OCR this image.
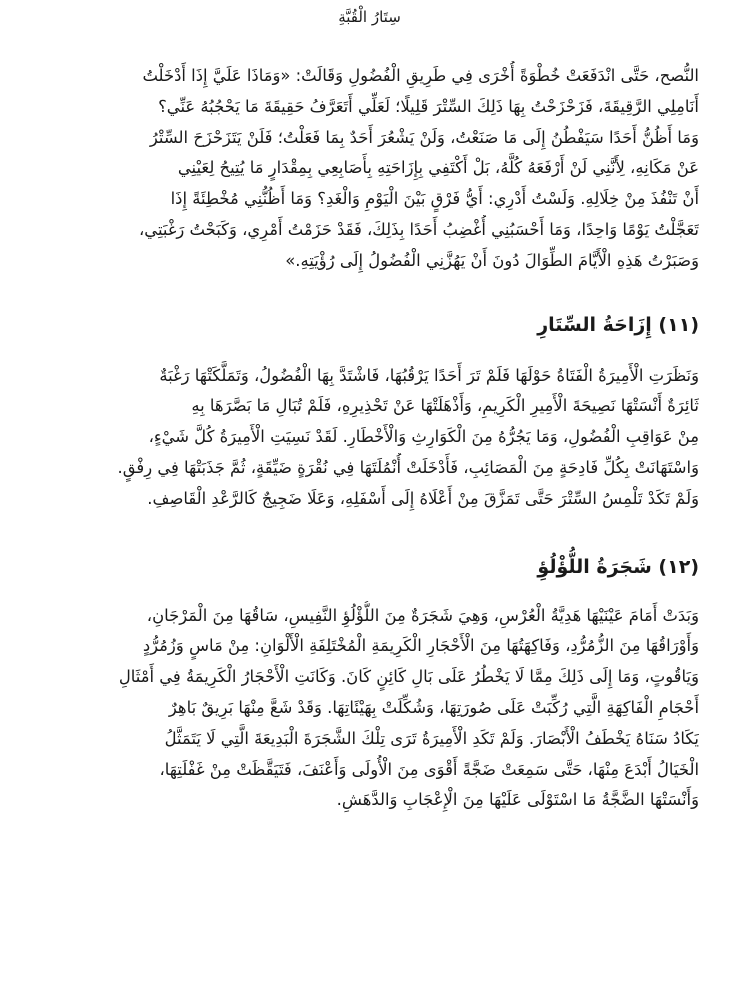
سِتَارُ الْقُبَّةِ

النُّصح، حَتَّى انْدَفَعَتْ خُطْوَةً أُخْرَى فِي طَرِيقِ الْفُضُولِ وَقَالَتْ: «وَمَاذَا عَلَيَّ إِذَا أَدْخَلْتُ
أَنَامِلِي الرَّقِيقَةَ، فَزَحْزَحْتُ بِهَا ذَلِكَ السِّتْرَ قَلِيلًا؛ لَعَلِّي أَتَعَرَّفُ حَقِيقَةَ مَا يَحْجُبُهُ عَنِّي؟
وَمَا أَظُنُّ أَحَدًا سَيَفْطُنُ إِلَى مَا صَنَعْتُ، وَلَنْ يَشْعُرَ أَحَدٌ بِمَا فَعَلْتُ؛ فَلَنْ يَتَزَحْزَحَ السِّتْرُ
عَنْ مَكَانِهِ، لِأَنَّنِي لَنْ أَرْفَعَهُ كُلَّهُ، بَلْ أَكْتَفِي بِإِزَاحَتِهِ بِأَصَابِعِي بِمِقْدَارٍ مَا يُتِيحُ لِعَيْنِي
أَنْ تَنْفُذَ مِنْ خِلَالِهِ. وَلَسْتُ أَدْرِي: أَيُّ فَرْقٍ بَيْنَ الْيَوْمِ وَالْغَدِ؟ وَمَا أَظُنُّنِي مُخْطِئَةً إِذَا
تَعَجَّلْتُ يَوْمًا وَاحِدًا، وَمَا أَحْسَبُنِي أُغْضِبُ أَحَدًا بِذَلِكَ، فَقَدْ حَزَمْتُ أَمْرِي، وَكَبَحْتُ رَغْبَتِي،
وَصَبَرْتُ هَذِهِ الْأَيَّامَ الطِّوَالَ دُونَ أَنْ يَهُزَّنِي الْفُضُولُ إِلَى رُؤْيَتِهِ.»

(١١) إِزَاحَةُ السِّتَارِ

وَنَظَرَتِ الْأَمِيرَةُ الْفَتَاةُ حَوْلَهَا فَلَمْ تَرَ أَحَدًا يَرْقُبُهَا، فَاشْتَدَّ بِهَا الْفُضُولُ، وَتَمَلَّكَتْهَا رَغْبَةٌ
ثَائِرَةٌ أَنْسَتْهَا نَصِيحَةَ الْأَمِيرِ الْكَرِيمِ، وَأَذْهَلَتْهَا عَنْ تَحْذِيرِهِ، فَلَمْ تُبَالِ مَا بَصَّرَهَا بِهِ
مِنْ عَوَاقِبِ الْفُضُولِ، وَمَا يَجُرُّهُ مِنَ الْكَوَارِثِ وَالْأَخْطَارِ. لَقَدْ نَسِيَتِ الْأَمِيرَةُ كُلَّ شَيْءٍ،
وَاسْتَهَانَتْ بِكُلِّ فَادِحَةٍ مِنَ الْمَصَائِبِ، فَأَدْخَلَتْ أُنْمُلَتَهَا فِي نُقْرَةٍ ضَيِّقَةٍ، ثُمَّ جَذَبَتْهَا فِي رِفْقٍ.
وَلَمْ تَكَدْ تَلْمِسُ السِّتْرَ حَتَّى تَمَزَّقَ مِنْ أَعْلَاهُ إِلَى أَسْفَلِهِ، وَعَلَا ضَجِيجٌ كَالرَّعْدِ الْقَاصِفِ.

(١٢) شَجَرَةُ اللُّؤْلُؤِ

وَبَدَتْ أَمَامَ عَيْنَيْهَا هَدِيَّةُ الْعُرْسِ، وَهِيَ شَجَرَةٌ مِنَ اللُّؤْلُؤِ النَّفِيسِ، سَاقُهَا مِنَ الْمَرْجَانِ،
وَأَوْرَاقُهَا مِنَ الزُّمُرُّدِ، وَفَاكِهَتُهَا مِنَ الْأَحْجَارِ الْكَرِيمَةِ الْمُخْتَلِفَةِ الْأَلْوَانِ: مِنْ مَاسٍ وَزُمُرُّدٍ
وَيَاقُوتٍ، وَمَا إِلَى ذَلِكَ مِمَّا لَا يَخْطُرُ عَلَى بَالِ كَائِنٍ كَانَ. وَكَانَتِ الْأَحْجَارُ الْكَرِيمَةُ فِي أَمْثَالِ
أَحْجَامِ الْفَاكِهَةِ الَّتِي رُكِّبَتْ عَلَى صُورَتِهَا، وَشُكِّلَتْ بِهَيْئَاتِهَا. وَقَدْ شَعَّ مِنْهَا بَرِيقٌ بَاهِرٌ
يَكَادُ سَنَاهُ يَخْطَفُ الْأَبْصَارَ. وَلَمْ تَكَدِ الْأَمِيرَةُ تَرَى تِلْكَ الشَّجَرَةَ الْبَدِيعَةَ الَّتِي لَا يَتَمَثَّلُ
الْخَيَالُ أَبْدَعَ مِنْهَا، حَتَّى سَمِعَتْ ضَجَّةً أَقْوَى مِنَ الْأُولَى وَأَعْنَفَ، فَتَيَقَّظَتْ مِنْ غَفْلَتِهَا،
وَأَنْسَتْهَا الضَّجَّةُ مَا اسْتَوْلَى عَلَيْهَا مِنَ الْإِعْجَابِ وَالدَّهَشِ.
